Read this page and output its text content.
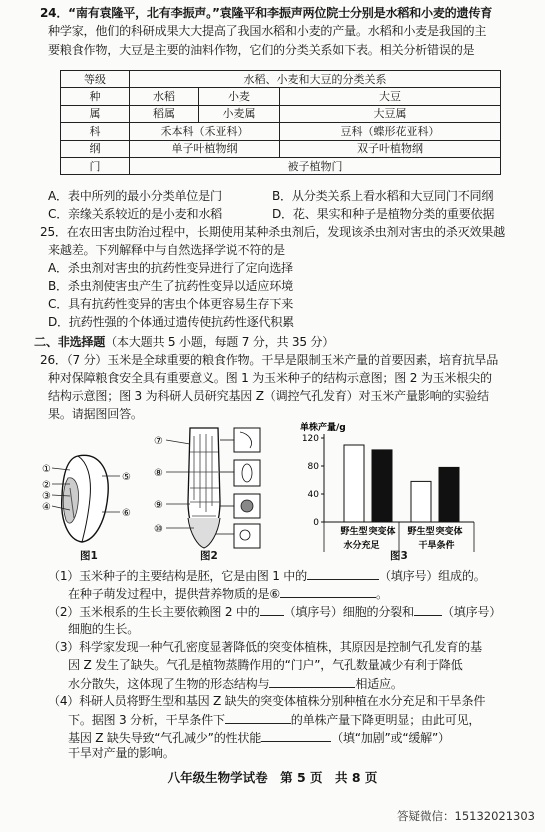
24．“南有袁隆平，北有李振声。”袁隆平和李振声两位院士分别是水稻和小麦的遗传育
种学家，他们的科研成果大大提高了我国水稻和小麦的产量。水稻和小麦是我国的主
要粮食作物，大豆是主要的油料作物，它们的分类关系如下表。相关分析错误的是
等级	水稻、小麦和大豆的分类关系		
种	水稻	小麦	大豆
属	稻属	小麦属	大豆属
科	禾本科（禾亚科）		豆科（蝶形花亚科）
纲	单子叶植物纲		双子叶植物纲
门	被子植物门		
A．表中所列的最小分类单位是门	B．从分类关系上看水稻和大豆同门不同纲
C．亲缘关系较近的是小麦和水稻	D．花、果实和种子是植物分类的重要依据
25．在农田害虫防治过程中，长期使用某种杀虫剂后，发现该杀虫剂对害虫的杀灭效果越
来越差。下列解释中与自然选择学说不符的是
A．杀虫剂对害虫的抗药性变异进行了定向选择
B．杀虫剂使害虫产生了抗药性变异以适应环境
C．具有抗药性变异的害虫个体更容易生存下来
D．抗药性强的个体通过遗传使抗药性逐代积累
二、非选择题（本大题共 5 小题，每题 7 分，共 35 分）
26．（7 分）玉米是全球重要的粮食作物。干旱是限制玉米产量的首要因素，培育抗旱品
种对保障粮食安全具有重要意义。图 1 为玉米种子的结构示意图；图 2 为玉米根尖的
结构示意图；图 3 为科研人员研究基因 Z（调控气孔发育）对玉米产量影响的实验结
果。请据图回答。
①
②
③
④
⑤
⑥
图1
⑦
⑧
⑨
⑩
图2
单株产量/g
0
40
80
120
野生型 突变体 野生型 突变体
水分充足	干旱条件
图3
（1）玉米种子的主要结构是胚，它是由图 1 中的	（填序号）组成的。
在种子萌发过程中，提供营养物质的是⑥	。
（2）玉米根系的生长主要依赖图 2 中的 （填序号）细胞的分裂和 （填序号）
细胞的生长。
（3）科学家发现一种气孔密度显著降低的突变体植株，其原因是控制气孔发育的基
因 Z 发生了缺失。气孔是植物蒸腾作用的“门户”，气孔数量减少有利于降低
水分散失，这体现了生物的形态结构与	相适应。
（4）科研人员将野生型和基因 Z 缺失的突变体植株分别种植在水分充足和干旱条件
下。据图 3 分析，干旱条件下	的单株产量下降更明显；由此可见，
基因 Z 缺失导致“气孔减少”的性状能	（填“加剧”或“缓解”）
干旱对产量的影响。
八年级生物学试卷　第 5 页　共 8 页
答疑微信：15132021303
